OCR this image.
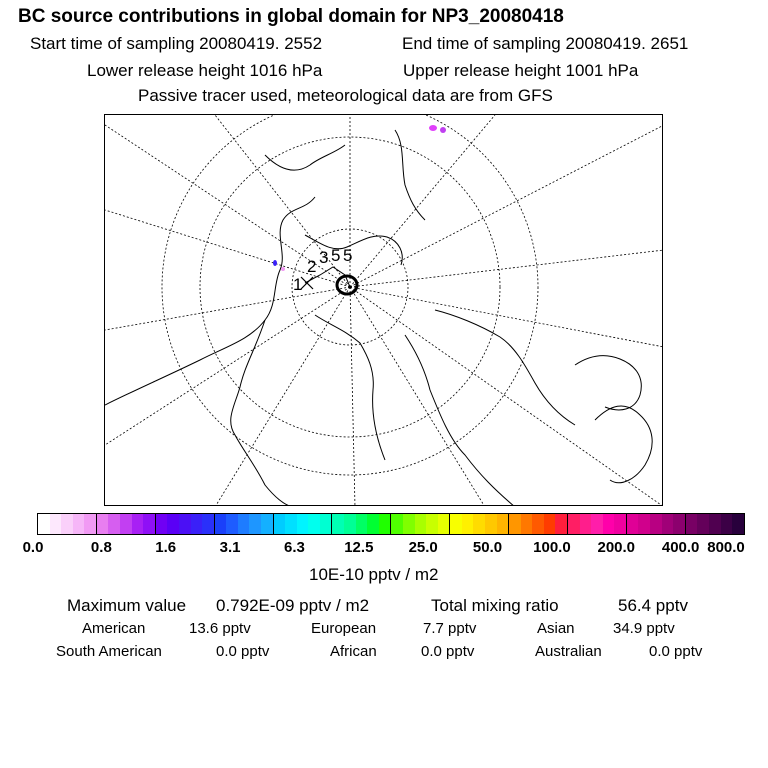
BC source contributions in global domain for NP3_20080418
Start time of sampling 20080419. 2552	End time of sampling 20080419. 2651
Lower release height 1016 hPa	Upper release height 1001 hPa
Passive tracer used, meteorological data are from GFS
3 5 5
2
1
0.0	0.8	1.6	3.1	6.3	12.5 25.0 50.0 100.0 200.0 400.0 800.0
10E-10 pptv / m2
Maximum value 0.792E-09 pptv / m2	Total mixing ratio	56.4 pptv
American	13.6 pptv	European	7.7 pptv	Asian	34.9 pptv
South American	0.0 pptv	African	0.0 pptv	Australian	0.0 pptv
